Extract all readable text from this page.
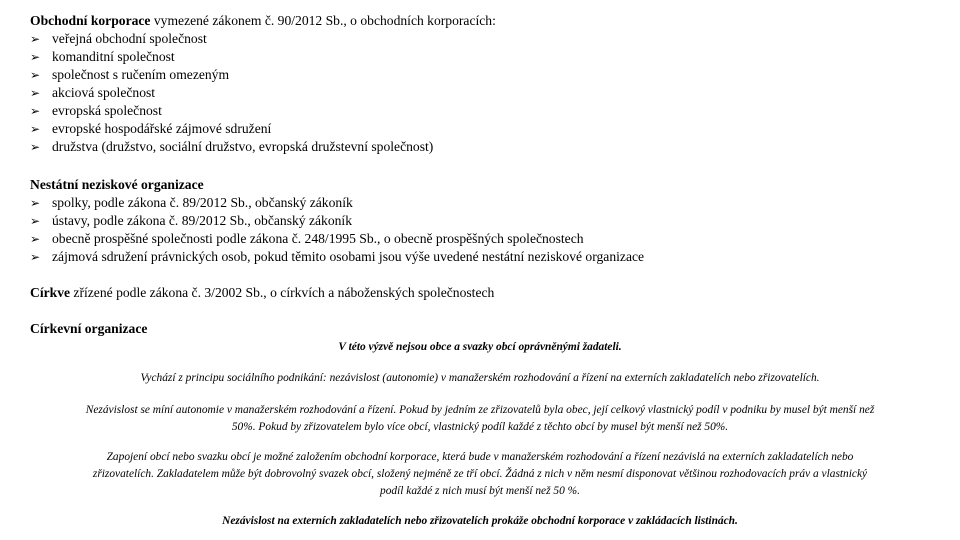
Obchodní korporace vymezené zákonem č. 90/2012 Sb., o obchodních korporacích:
➢ veřejná obchodní společnost
➢ komanditní společnost
➢ společnost s ručením omezeným
➢ akciová společnost
➢ evropská společnost
➢ evropské hospodářské zájmové sdružení
➢ družstva (družstvo, sociální družstvo, evropská družstevní společnost)
Nestátní neziskové organizace
➢ spolky, podle zákona č. 89/2012 Sb., občanský zákoník
➢ ústavy, podle zákona č. 89/2012 Sb., občanský zákoník
➢ obecně prospěšné společnosti podle zákona č. 248/1995 Sb., o obecně prospěšných společnostech
➢ zájmová sdružení právnických osob, pokud těmito osobami jsou výše uvedené nestátní neziskové organizace
Církve zřízené podle zákona č. 3/2002 Sb., o církvích a náboženských společnostech
Církevní organizace
V této výzvě nejsou obce a svazky obcí oprávněnými žadateli.
Vychází z principu sociálního podnikání: nezávislost (autonomie) v manažerském rozhodování a řízení na externích zakladatelích nebo zřizovatelích.
Nezávislost se míní autonomie v manažerském rozhodování a řízení. Pokud by jedním ze zřizovatelů byla obec, její celkový vlastnický podíl v podniku by musel být menší než
50%. Pokud by zřizovatelem bylo více obcí, vlastnický podíl každé z těchto obcí by musel být menší než 50%.
Zapojení obcí nebo svazku obcí je možné založením obchodní korporace, která bude v manažerském rozhodování a řízení nezávislá na externích zakladatelích nebo
zřizovatelích. Zakladatelem může být dobrovolný svazek obcí, složený nejméně ze tří obcí. Žádná z nich v něm nesmí disponovat většinou rozhodovacích práv a vlastnický
podíl každé z nich musí být menší než 50 %.
Nezávislost na externích zakladatelích nebo zřizovatelích prokáže obchodní korporace v zakládacích listinách.
